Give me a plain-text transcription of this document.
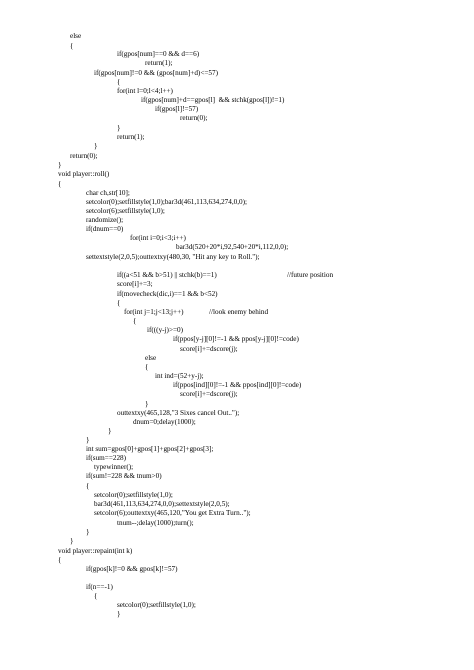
else
{
if(gpos[num]==0 && d==6)
return(1);
if(gpos[num]!=0 && (gpos[num]+d)<=57)
{
for(int l=0;l<4;l++)
if(gpos[num]+d==gpos[l]  && stchk(gpos[l])!=1)
if(gpos[l]!=57)
return(0);
}
return(1);
}
return(0);
}
void player::roll()
{
char ch,str[10];
setcolor(0);setfillstyle(1,0);bar3d(461,113,634,274,0,0);
setcolor(6);setfillstyle(1,0);
randomize();
if(dnum==0)
for(int i=0;i<3;i++)
bar3d(520+20*i,92,540+20*i,112,0,0);
settextstyle(2,0,5);outtextxy(480,30, "Hit any key to Roll.");
if((a<51 && b>51) || stchk(b)==1)	//future position
score[i]+=3;
if(movecheck(dic,i)==1 && b<52)
{
for(int j=1;j<13;j++)	//look enemy behind
{
if(((y-j)>=0)
if(ppos[y-j][0]!=-1 && ppos[y-j][0]!=code)
score[i]+=dscore(j);
else
{
int ind=(52+y-j);
if(ppos[ind][0]!=-1 && ppos[ind][0]!=code)
score[i]+=dscore(j);
}
outtextxy(465,128,"3 Sixes cancel Out..");
dnum=0;delay(1000);
}
}
int sum=gpos[0]+gpos[1]+gpos[2]+gpos[3];
if(sum==228)
typewinner();
if(sum!=228 && tnum>0)
{
setcolor(0);setfillstyle(1,0);
bar3d(461,113,634,274,0,0);settextstyle(2,0,5);
setcolor(6);outtextxy(465,120,"You get Extra Turn..");
tnum--;delay(1000);turn();
}
}
void player::repaint(int k)
{
if(gpos[k]!=0 && gpos[k]!=57)
if(n==-1)
{
setcolor(0);setfillstyle(1,0);
}
